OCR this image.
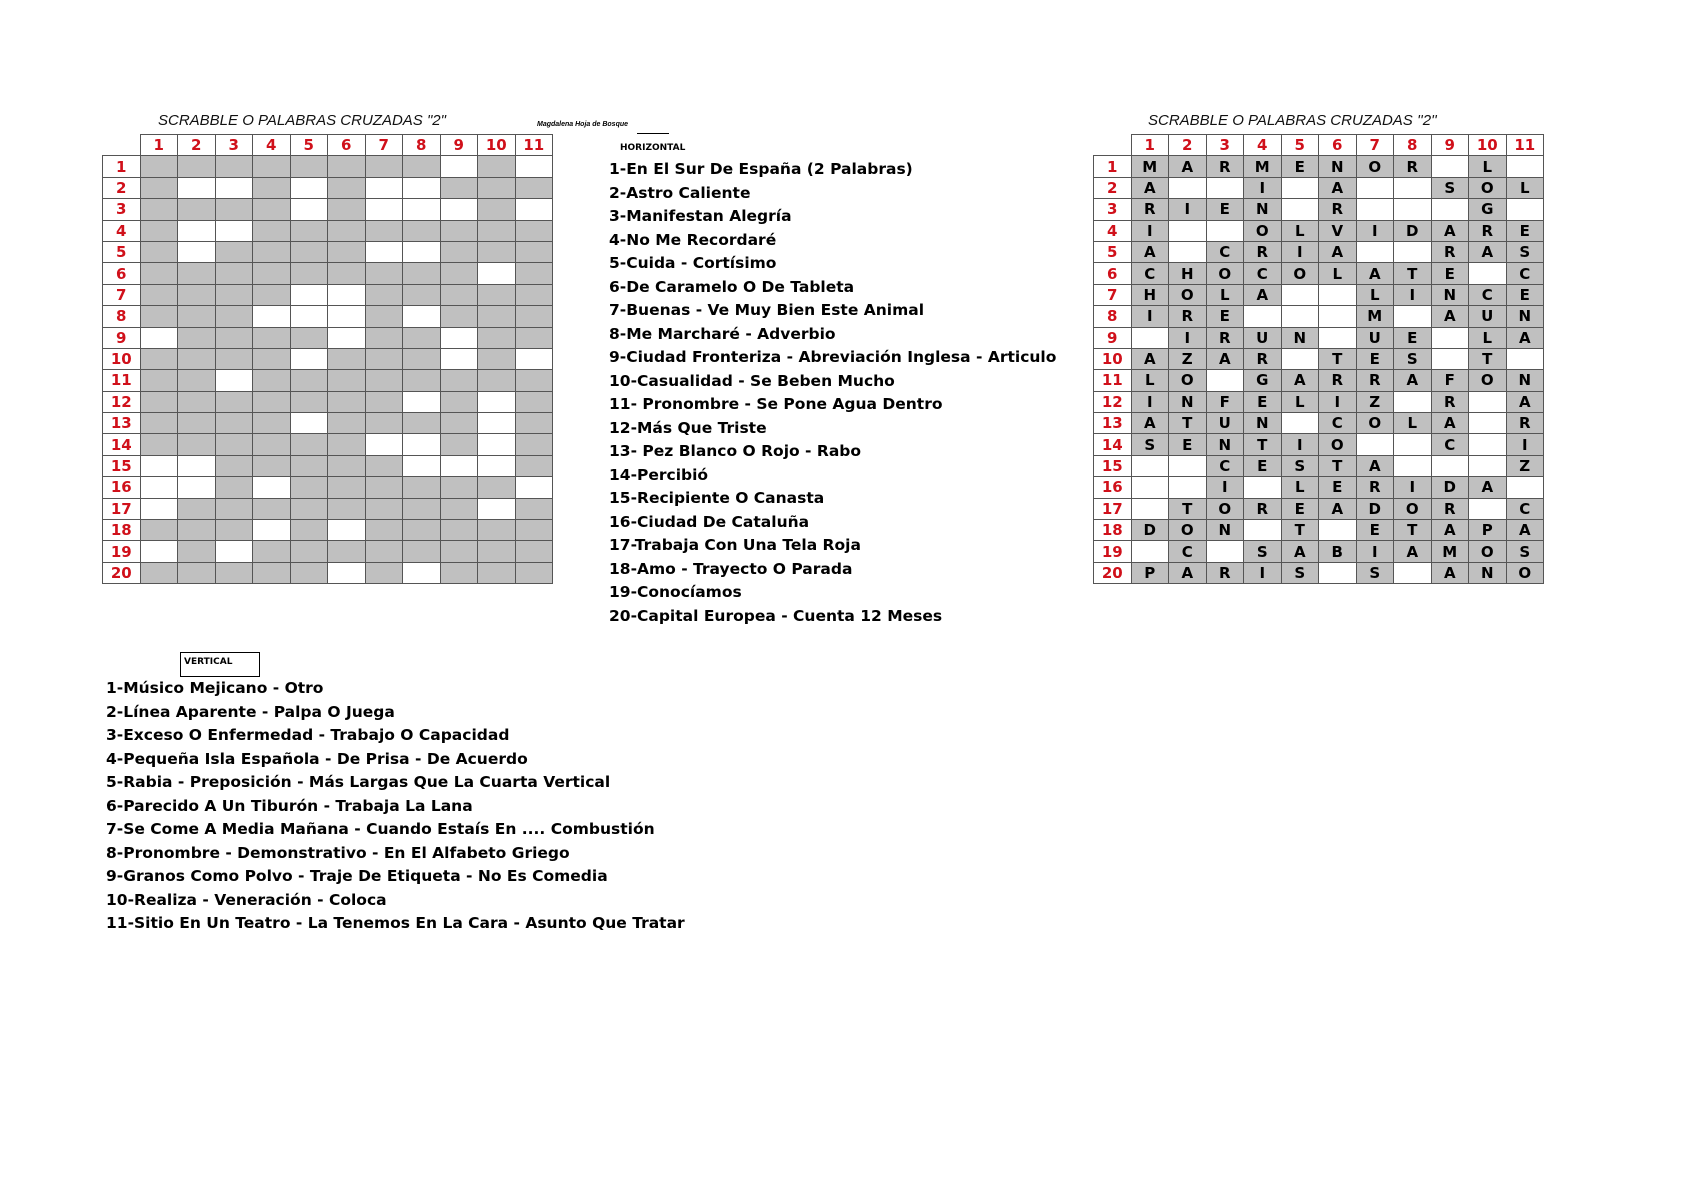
SCRABBLE O PALABRAS CRUZADAS "2"	Magdalena Hoja de Bosque	SCRABBLE O PALABRAS CRUZADAS ''2''
	1	2	3	4	5	6	7	8	9	10	11
1											
2											
3											
4											
5											
6											
7											
8											
9											
10											
11											
12											
13											
14											
15											
16											
17											
18											
19											
20											
	1	2	3	4	5	6	7	8	9	10	11
1	M	A	R	M	E	N	O	R		L	
2	A			I		A			S	O	L
3	R	I	E	N		R				G	
4	I			O	L	V	I	D	A	R	E
5	A		C	R	I	A			R	A	S
6	C	H	O	C	O	L	A	T	E		C
7	H	O	L	A			L	I	N	C	E
8	I	R	E				M		A	U	N
9		I	R	U	N		U	E		L	A
10	A	Z	A	R		T	E	S		T	
11	L	O		G	A	R	R	A	F	O	N
12	I	N	F	E	L	I	Z		R		A
13	A	T	U	N		C	O	L	A		R
14	S	E	N	T	I	O			C		I
15			C	E	S	T	A				Z
16			I		L	E	R	I	D	A	
17		T	O	R	E	A	D	O	R		C
18	D	O	N		T		E	T	A	P	A
19		C		S	A	B	I	A	M	O	S
20	P	A	R	I	S		S		A	N	O
HORIZONTAL
1-En El Sur De España (2 Palabras)
2-Astro Caliente
3-Manifestan Alegría
4-No Me Recordaré
5-Cuida - Cortísimo
6-De Caramelo O De Tableta
7-Buenas - Ve Muy Bien Este Animal
8-Me Marcharé - Adverbio
9-Ciudad Fronteriza - Abreviación Inglesa - Articulo
10-Casualidad - Se Beben Mucho
11- Pronombre - Se Pone Agua Dentro
12-Más Que Triste
13- Pez Blanco O Rojo - Rabo
14-Percibió
15-Recipiente O Canasta
16-Ciudad De Cataluña
17-Trabaja Con Una Tela Roja
18-Amo - Trayecto O Parada
19-Conocíamos
20-Capital Europea - Cuenta 12 Meses
VERTICAL
1-Músico Mejicano - Otro
2-Línea Aparente - Palpa O Juega
3-Exceso O Enfermedad - Trabajo O Capacidad
4-Pequeña Isla Española - De Prisa - De Acuerdo
5-Rabia - Preposición - Más Largas Que La Cuarta Vertical
6-Parecido A Un Tiburón - Trabaja La Lana
7-Se Come A Media Mañana - Cuando Estaís En .... Combustión
8-Pronombre - Demonstrativo - En El Alfabeto Griego
9-Granos Como Polvo - Traje De Etiqueta - No Es Comedia
10-Realiza - Veneración - Coloca
11-Sitio En Un Teatro - La Tenemos En La Cara - Asunto Que Tratar
